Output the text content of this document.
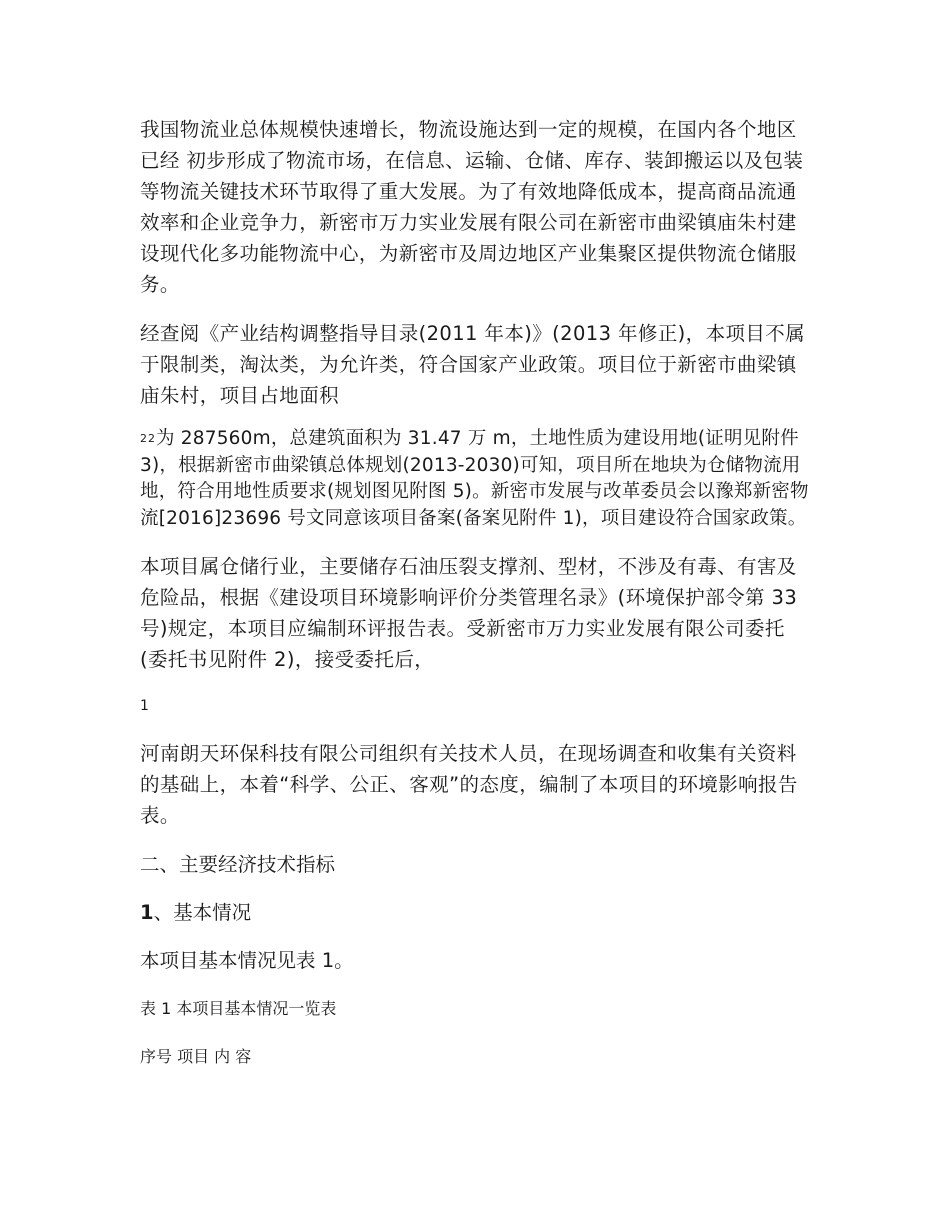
我国物流业总体规模快速增长，物流设施达到一定的规模，在国内各个地区已经 初步形成了物流市场，在信息、运输、仓储、库存、装卸搬运以及包装等物流关键技术环节取得了重大发展。为了有效地降低成本，提高商品流通效率和企业竞争力，新密市万力实业发展有限公司在新密市曲梁镇庙朱村建设现代化多功能物流中心，为新密市及周边地区产业集聚区提供物流仓储服务。

经查阅《产业结构调整指导目录(2011 年本)》(2013 年修正)，本项目不属于限制类，淘汰类，为允许类，符合国家产业政策。项目位于新密市曲梁镇庙朱村，项目占地面积

22为 287560m，总建筑面积为 31.47 万 m，土地性质为建设用地(证明见附件 3)，根据新密市曲梁镇总体规划(2013-2030)可知，项目所在地块为仓储物流用地，符合用地性质要求(规划图见附图 5)。新密市发展与改革委员会以豫郑新密物流[2016]23696 号文同意该项目备案(备案见附件 1)，项目建设符合国家政策。

本项目属仓储行业，主要储存石油压裂支撑剂、型材，不涉及有毒、有害及危险品，根据《建设项目环境影响评价分类管理名录》(环境保护部令第 33 号)规定，本项目应编制环评报告表。受新密市万力实业发展有限公司委托(委托书见附件 2)，接受委托后，

1

河南朗天环保科技有限公司组织有关技术人员，在现场调查和收集有关资料的基础上，本着“科学、公正、客观”的态度，编制了本项目的环境影响报告表。

二、主要经济技术指标

1、基本情况

本项目基本情况见表 1。

表 1 本项目基本情况一览表

序号 项目 内 容
